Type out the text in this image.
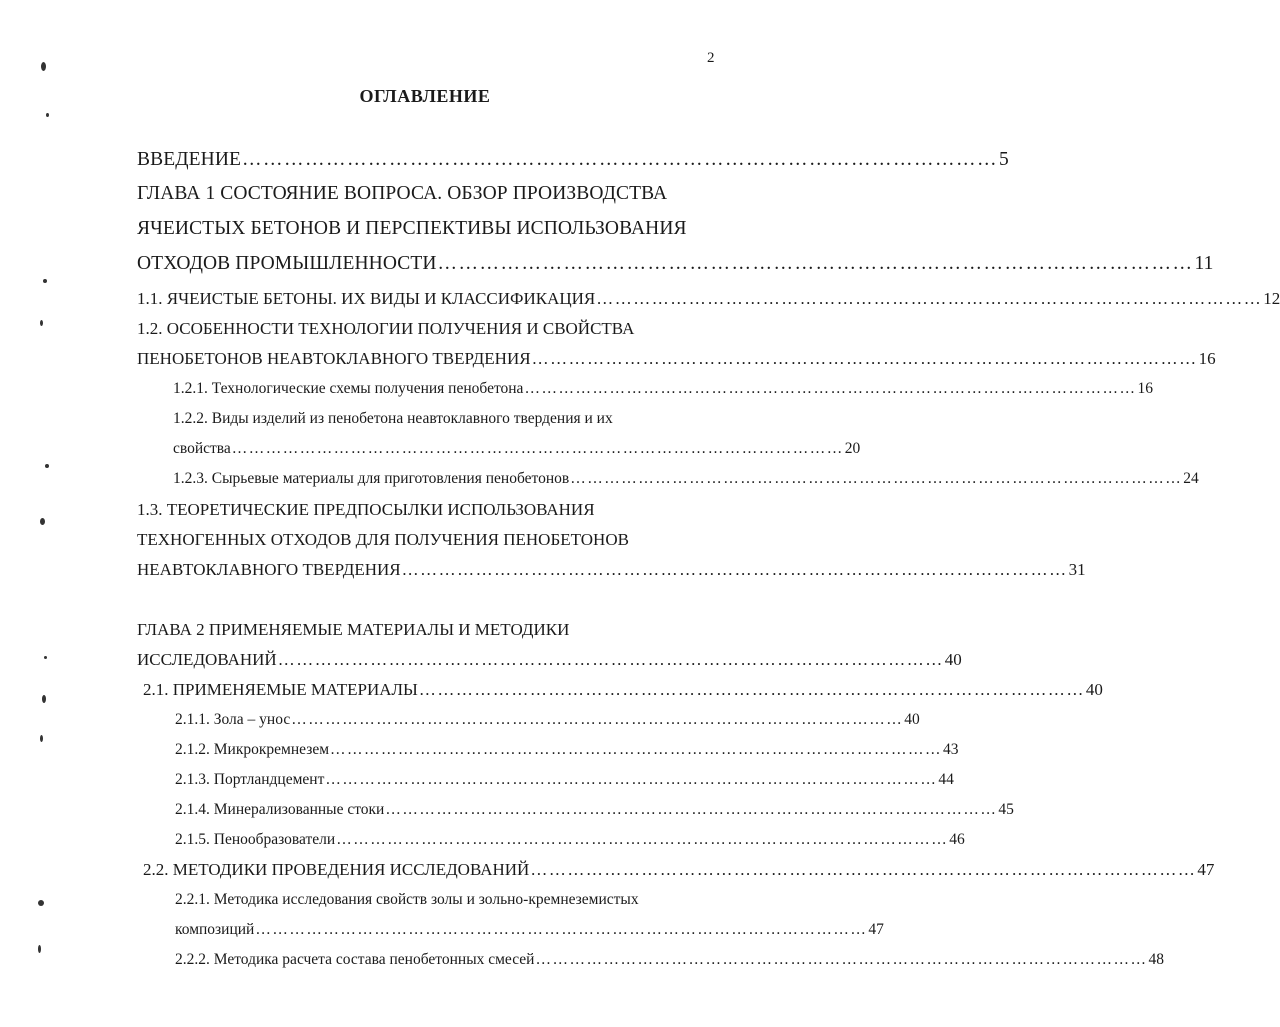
2
ОГЛАВЛЕНИЕ
ВВЕДЕНИЕ ……………………………………………………………………………………………… 5
ГЛАВА 1 СОСТОЯНИЕ ВОПРОСА. ОБЗОР ПРОИЗВОДСТВА
ЯЧЕИСТЫХ БЕТОНОВ И ПЕРСПЕКТИВЫ ИСПОЛЬЗОВАНИЯ
ОТХОДОВ ПРОМЫШЛЕННОСТИ ……………………………………………………………………………………………… 11
1.1. ЯЧЕИСТЫЕ БЕТОНЫ. ИХ ВИДЫ И КЛАССИФИКАЦИЯ ……………………………………………………………………………………………… 12
1.2. ОСОБЕННОСТИ ТЕХНОЛОГИИ ПОЛУЧЕНИЯ И СВОЙСТВА
ПЕНОБЕТОНОВ НЕАВТОКЛАВНОГО ТВЕРДЕНИЯ ……………………………………………………………………………………………… 16
1.2.1. Технологические схемы получения пенобетона ……………………………………………………………………………………………… 16
1.2.2. Виды изделий из пенобетона неавтоклавного твердения и их
свойства ……………………………………………………………………………………………… 20
1.2.3. Сырьевые материалы для приготовления пенобетонов ……………………………………………………………………………………………… 24
1.3. ТЕОРЕТИЧЕСКИЕ ПРЕДПОСЫЛКИ ИСПОЛЬЗОВАНИЯ
ТЕХНОГЕННЫХ ОТХОДОВ ДЛЯ ПОЛУЧЕНИЯ ПЕНОБЕТОНОВ
НЕАВТОКЛАВНОГО ТВЕРДЕНИЯ ……………………………………………………………………………………………… 31
ГЛАВА 2 ПРИМЕНЯЕМЫЕ МАТЕРИАЛЫ И МЕТОДИКИ
ИССЛЕДОВАНИЙ ……………………………………………………………………………………………… 40
2.1. ПРИМЕНЯЕМЫЕ МАТЕРИАЛЫ ……………………………………………………………………………………………… 40
2.1.1. Зола – унос ……………………………………………………………………………………………… 40
2.1.2. Микрокремнезем ……………………………………………………………………………………………… 43
2.1.3. Портландцемент ……………………………………………………………………………………………… 44
2.1.4. Минерализованные стоки ……………………………………………………………………………………………… 45
2.1.5. Пенообразователи ……………………………………………………………………………………………… 46
2.2. МЕТОДИКИ ПРОВЕДЕНИЯ ИССЛЕДОВАНИЙ ……………………………………………………………………………………………… 47
2.2.1. Методика исследования свойств золы и зольно-кремнеземистых
композиций ……………………………………………………………………………………………… 47
2.2.2. Методика расчета состава пенобетонных смесей ……………………………………………………………………………………………… 48
